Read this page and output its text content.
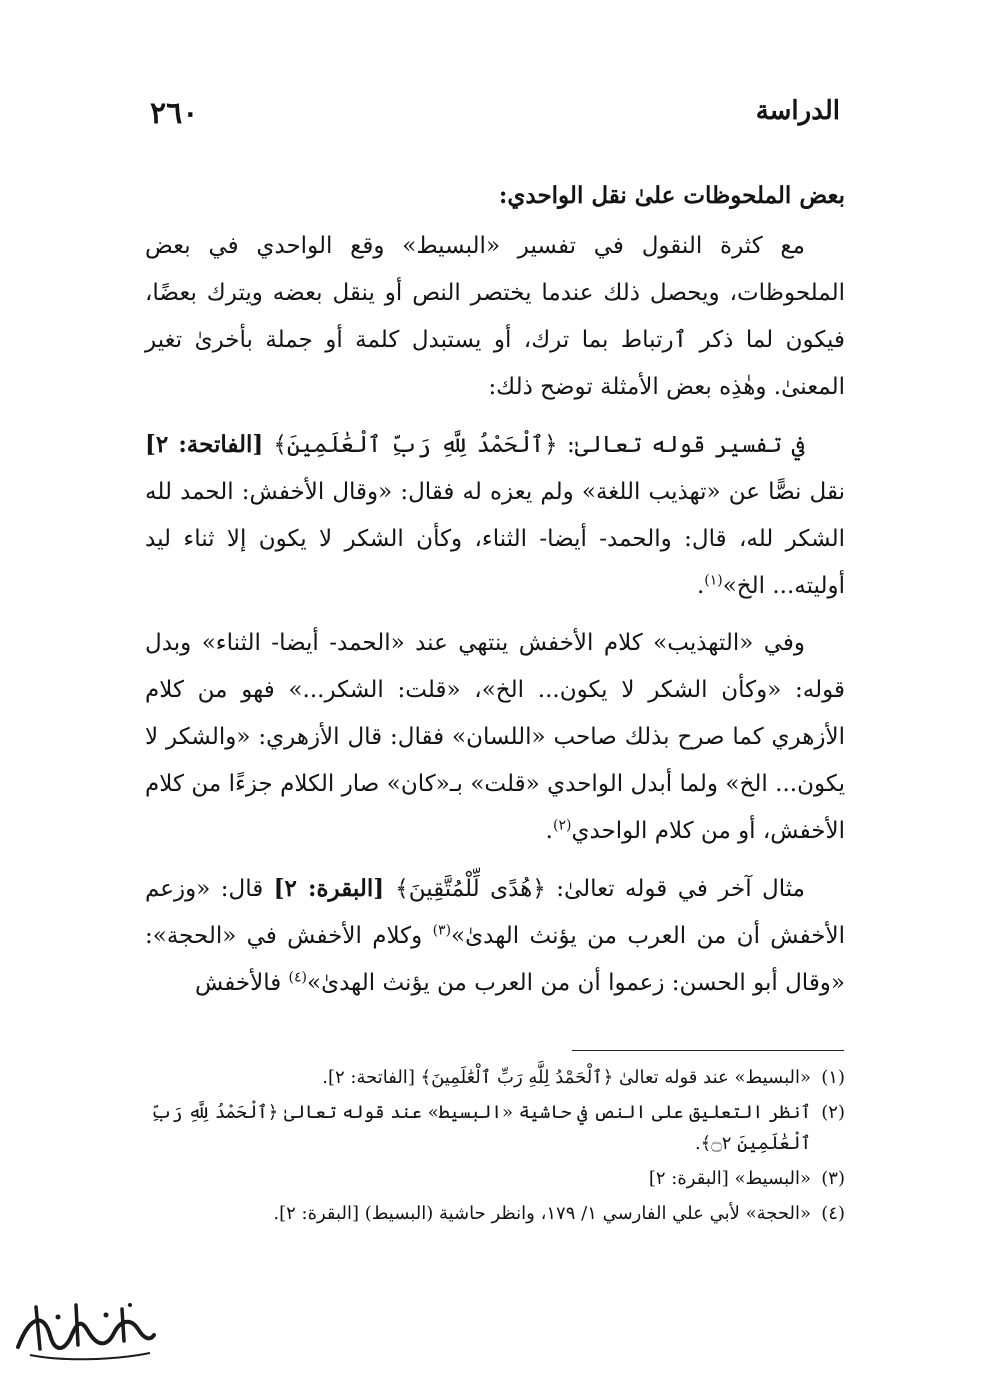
٢٦٠	الدراسة

بعض الملحوظات علىٰ نقل الواحدي:

مع كثرة النقول في تفسير «البسيط» وقع الواحدي في بعض الملحوظات، ويحصل ذلك عندما يختصر النص أو ينقل بعضه ويترك بعضًا، فيكون لما ذكر ٱرتباط بما ترك، أو يستبدل كلمة أو جملة بأخرىٰ تغير المعنىٰ. وهٰذِه بعض الأمثلة توضح ذلك:

في تفسير قوله تعالىٰ: ﴿ٱلْحَمْدُ لِلَّهِ رَبِّ ٱلْعَٰلَمِينَ﴾ [الفاتحة: ٢] نقل نصًّا عن «تهذيب اللغة» ولم يعزه له فقال: «وقال الأخفش: الحمد لله الشكر لله، قال: والحمد- أيضا- الثناء، وكأن الشكر لا يكون إلا ثناء ليد أوليته... الخ»$^{(١)}$.

وفي «التهذيب» كلام الأخفش ينتهي عند «الحمد- أيضا- الثناء» وبدل قوله: «وكأن الشكر لا يكون... الخ»، «قلت: الشكر...» فهو من كلام الأزهري كما صرح بذلك صاحب «اللسان» فقال: قال الأزهري: «والشكر لا يكون... الخ» ولما أبدل الواحدي «قلت» بـ«كان» صار الكلام جزءًا من كلام الأخفش، أو من كلام الواحدي$^{(٢)}$.

مثال آخر في قوله تعالىٰ: ﴿هُدًى لِّلْمُتَّقِينَ﴾ [البقرة: ٢] قال: «وزعم الأخفش أن من العرب من يؤنث الهدىٰ»$^{(٣)}$ وكلام الأخفش في «الحجة»: «وقال أبو الحسن: زعموا أن من العرب من يؤنث الهدىٰ»$^{(٤)}$ فالأخفش

(١)
«البسيط» عند قوله تعالىٰ ﴿ٱلْحَمْدُ لِلَّهِ رَبِّ ٱلْعَٰلَمِينَ﴾ [الفاتحة: ٢].

(٢)
ٱنظر التعليق على النص في حاشية «البسيط» عند قوله تعالىٰ ﴿ٱلْحَمْدُ لِلَّهِ رَبِّ ٱلْعَٰلَمِينَ ۝٢﴾.

(٣)
«البسيط» [البقرة: ٢]

(٤)
«الحجة» لأبي علي الفارسي ١/ ١٧٩، وانظر حاشية (البسيط) [البقرة: ٢].
